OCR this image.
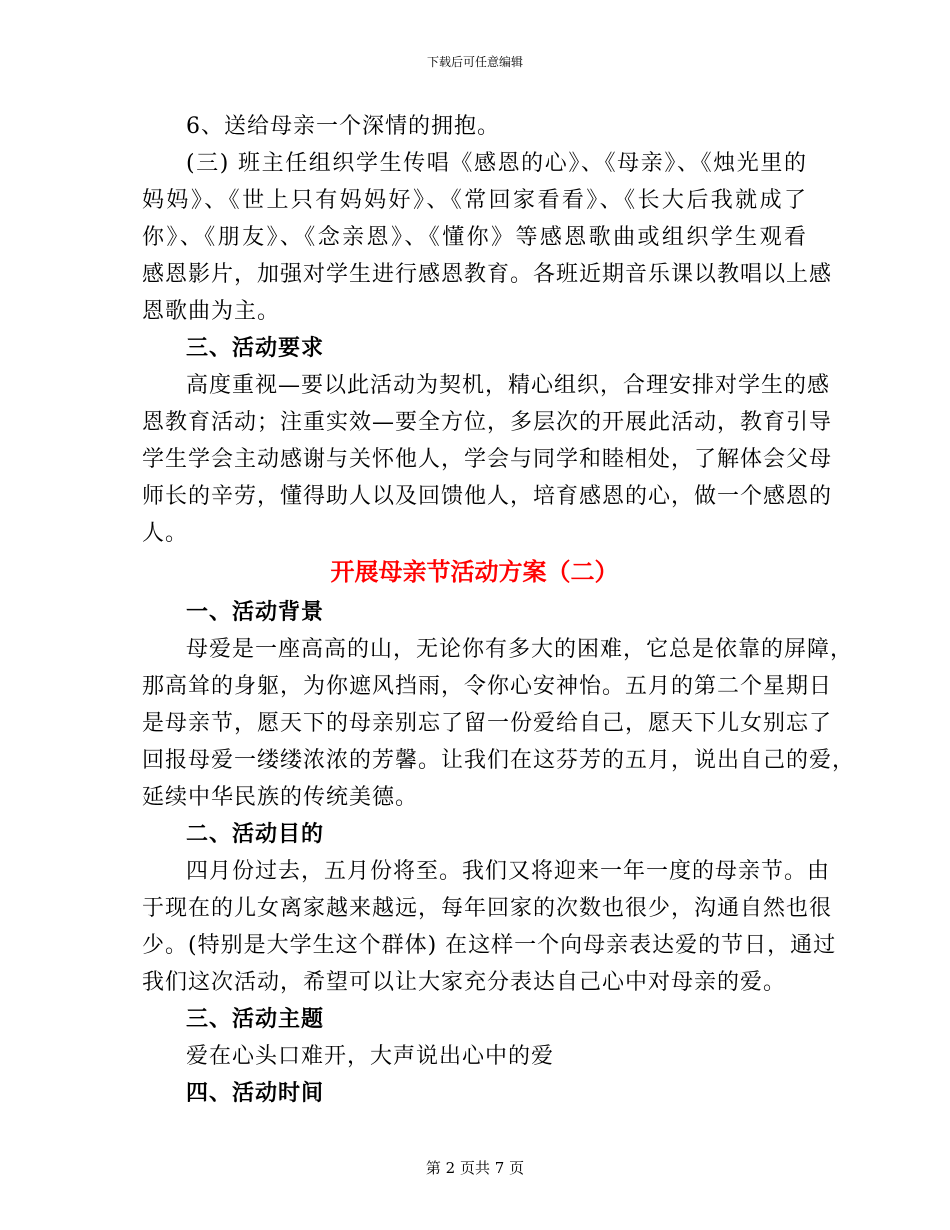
下载后可任意编辑
6、送给母亲一个深情的拥抱。
(三) 班主任组织学生传唱《感恩的心》、《母亲》、《烛光里的
妈妈》、《世上只有妈妈好》、《常回家看看》、《长大后我就成了
你》、《朋友》、《念亲恩》、《懂你》等感恩歌曲或组织学生观看
感恩影片，加强对学生进行感恩教育。各班近期音乐课以教唱以上感
恩歌曲为主。
三、活动要求
高度重视—要以此活动为契机，精心组织，合理安排对学生的感
恩教育活动；注重实效—要全方位，多层次的开展此活动，教育引导
学生学会主动感谢与关怀他人，学会与同学和睦相处，了解体会父母
师长的辛劳，懂得助人以及回馈他人，培育感恩的心，做一个感恩的
人。
开展母亲节活动方案（二）
一、活动背景
母爱是一座高高的山，无论你有多大的困难，它总是依靠的屏障，
那高耸的身躯，为你遮风挡雨，令你心安神怡。五月的第二个星期日
是母亲节，愿天下的母亲别忘了留一份爱给自己，愿天下儿女别忘了
回报母爱一缕缕浓浓的芳馨。让我们在这芬芳的五月，说出自己的爱，
延续中华民族的传统美德。
二、活动目的
四月份过去，五月份将至。我们又将迎来一年一度的母亲节。由
于现在的儿女离家越来越远，每年回家的次数也很少，沟通自然也很
少。(特别是大学生这个群体) 在这样一个向母亲表达爱的节日，通过
我们这次活动，希望可以让大家充分表达自己心中对母亲的爱。
三、活动主题
爱在心头口难开，大声说出心中的爱
四、活动时间
第 2 页共 7 页
